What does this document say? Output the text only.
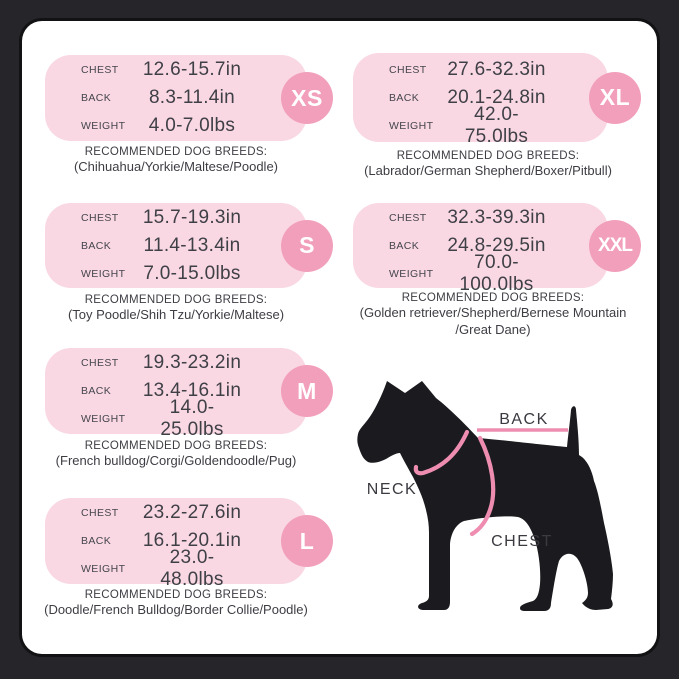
CHEST	12.6-15.7in
BACK	8.3-11.4in
WEIGHT	4.0-7.0lbs
XS
RECOMMENDED DOG BREEDS:
(Chihuahua/Yorkie/Maltese/Poodle)
CHEST	15.7-19.3in
BACK	11.4-13.4in
WEIGHT 7.0-15.0lbs
S
RECOMMENDED DOG BREEDS:
(Toy Poodle/Shih Tzu/Yorkie/Maltese)
CHEST	19.3-23.2in
BACK	13.4-16.1in
WEIGHT
14.0-25.0lbs
M
RECOMMENDED DOG BREEDS:
(French bulldog/Corgi/Goldendoodle/Pug)
CHEST	23.2-27.6in
BACK	16.1-20.1in
WEIGHT
23.0-48.0lbs
L
RECOMMENDED DOG BREEDS:
(Doodle/French Bulldog/Border Collie/Poodle)
CHEST	27.6-32.3in
BACK	20.1-24.8in
WEIGHT
42.0-75.0lbs
XL
RECOMMENDED DOG BREEDS:
(Labrador/German Shepherd/Boxer/Pitbull)
CHEST	32.3-39.3in
BACK	24.8-29.5in
WEIGHT
70.0-100.0lbs
XXL
RECOMMENDED DOG BREEDS:
(Golden retriever/Shepherd/Bernese Mountain
/Great Dane)
BACK
NECK
CHEST
